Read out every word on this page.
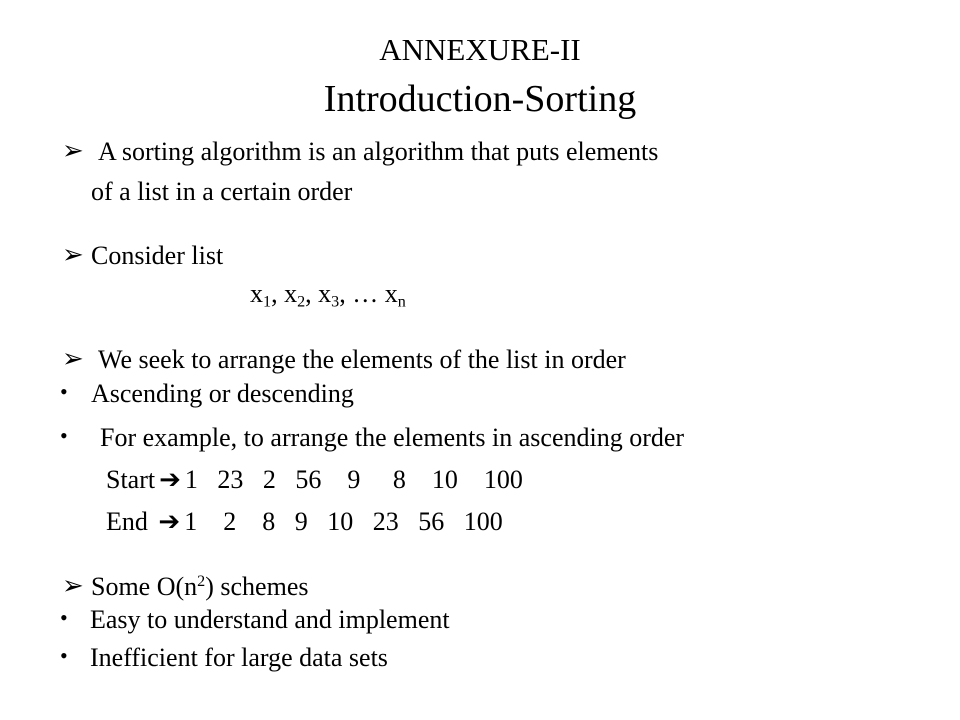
ANNEXURE-II
Introduction-Sorting
➢ A sorting algorithm is an algorithm that puts elements
of a list in a certain order
➢ Consider list
$x_1$, $x_2$, $x_3$, … $x_n$
➢ We seek to arrange the elements of the list in order
• Ascending or descending
• For example, to arrange the elements in ascending order
Start ➔ 1   23   2   56    9     8    10    100
End ➔ 1    2    8   9   10   23   56   100
➢ Some $O(n^2)$ schemes
• Easy to understand and implement
• Inefficient for large data sets
